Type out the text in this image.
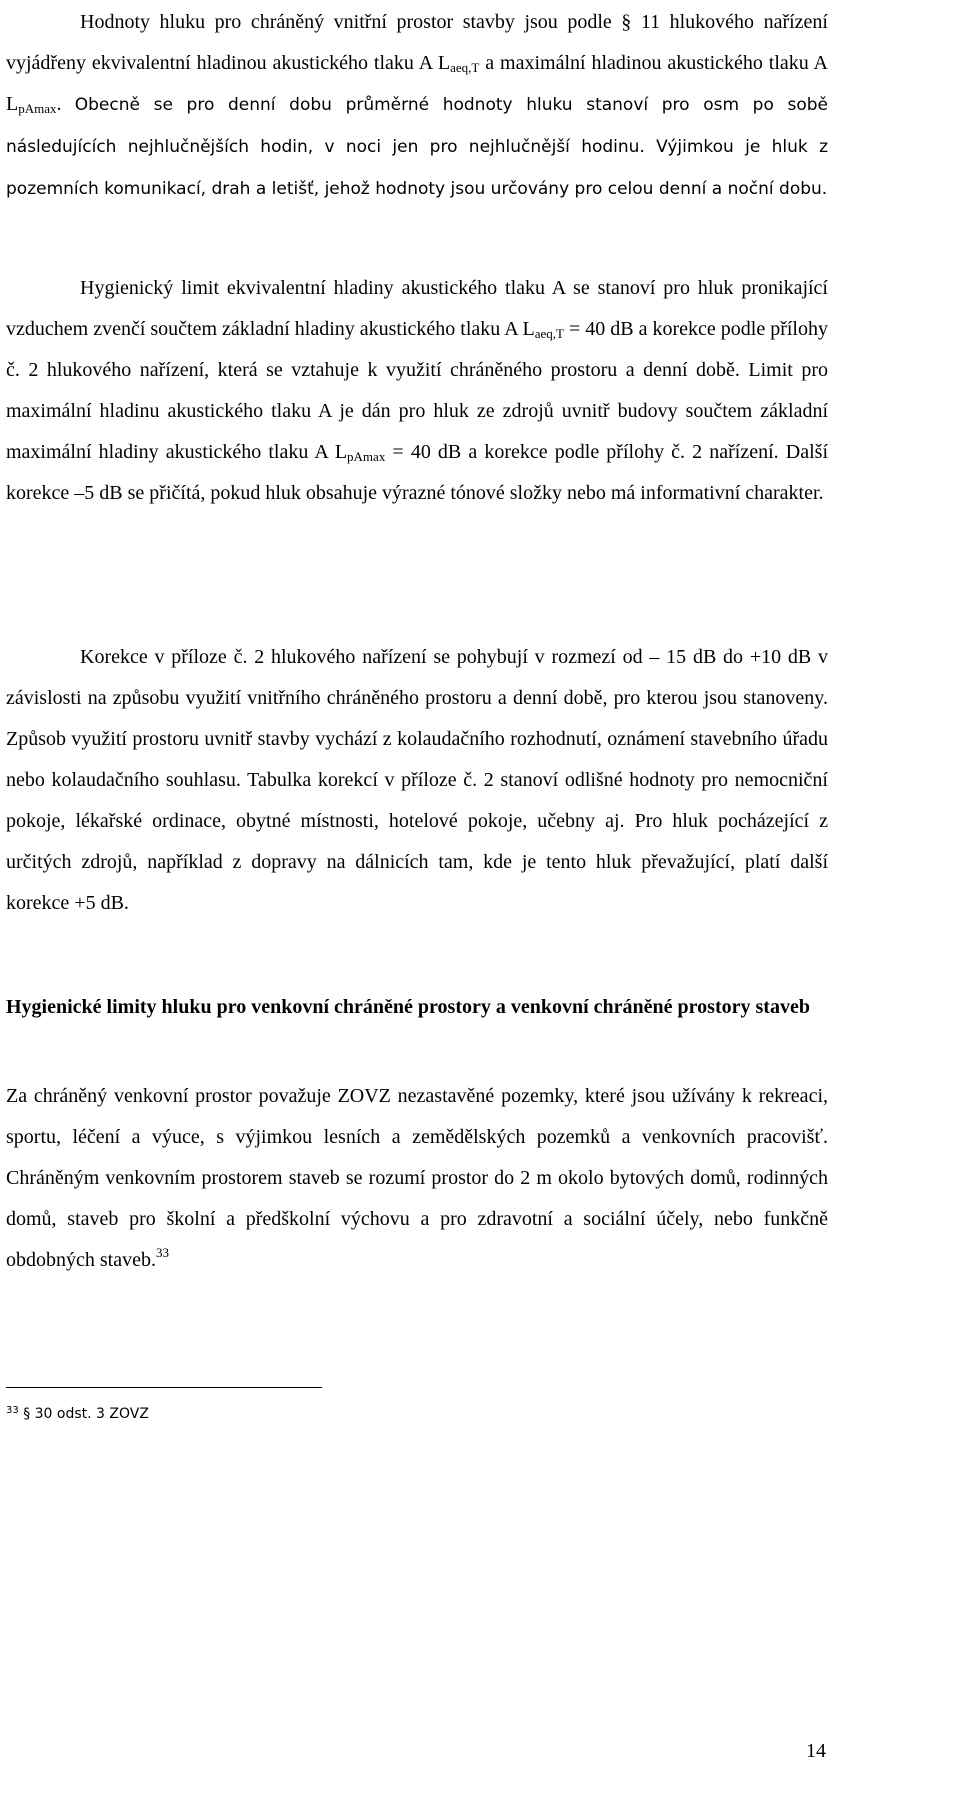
Hodnoty hluku pro chráněný vnitřní prostor stavby jsou podle § 11 hlukového nařízení vyjádřeny ekvivalentní hladinou akustického tlaku A $L_{aeq,T}$ a maximální hladinou akustického tlaku A $L_{pAmax}$. Obecně se pro denní dobu průměrné hodnoty hluku stanoví pro osm po sobě následujících nejhlučnějších hodin, v noci jen pro nejhlučnější hodinu. Výjimkou je hluk z pozemních komunikací, drah a letišť, jehož hodnoty jsou určovány pro celou denní a noční dobu.

Hygienický limit ekvivalentní hladiny akustického tlaku A se stanoví pro hluk pronikající vzduchem zvenčí součtem základní hladiny akustického tlaku A $L_{aeq,T} = 40$ dB a korekce podle přílohy č. 2 hlukového nařízení, která se vztahuje k využití chráněného prostoru a denní době. Limit pro maximální hladinu akustického tlaku A je dán pro hluk ze zdrojů uvnitř budovy součtem základní maximální hladiny akustického tlaku A $L_{pAmax} = 40$ dB a korekce podle přílohy č. 2 nařízení. Další korekce –5 dB se přičítá, pokud hluk obsahuje výrazné tónové složky nebo má informativní charakter.

Korekce v příloze č. 2 hlukového nařízení se pohybují v rozmezí od – 15 dB do +10 dB v závislosti na způsobu využití vnitřního chráněného prostoru a denní době, pro kterou jsou stanoveny. Způsob využití prostoru uvnitř stavby vychází z kolaudačního rozhodnutí, oznámení stavebního úřadu nebo kolaudačního souhlasu. Tabulka korekcí v příloze č. 2 stanoví odlišné hodnoty pro nemocniční pokoje, lékařské ordinace, obytné místnosti, hotelové pokoje, učebny aj. Pro hluk pocházející z určitých zdrojů, například z dopravy na dálnicích tam, kde je tento hluk převažující, platí další korekce +5 dB.

Hygienické limity hluku pro venkovní chráněné prostory a venkovní chráněné prostory staveb

Za chráněný venkovní prostor považuje ZOVZ nezastavěné pozemky, které jsou užívány k rekreaci, sportu, léčení a výuce, s výjimkou lesních a zemědělských pozemků a venkovních pracovišť. Chráněným venkovním prostorem staveb se rozumí prostor do 2 m okolo bytových domů, rodinných domů, staveb pro školní a předškolní výchovu a pro zdravotní a sociální účely, nebo funkčně obdobných staveb.$^{33}$

$^{33}$ § 30 odst. 3 ZOVZ

14
